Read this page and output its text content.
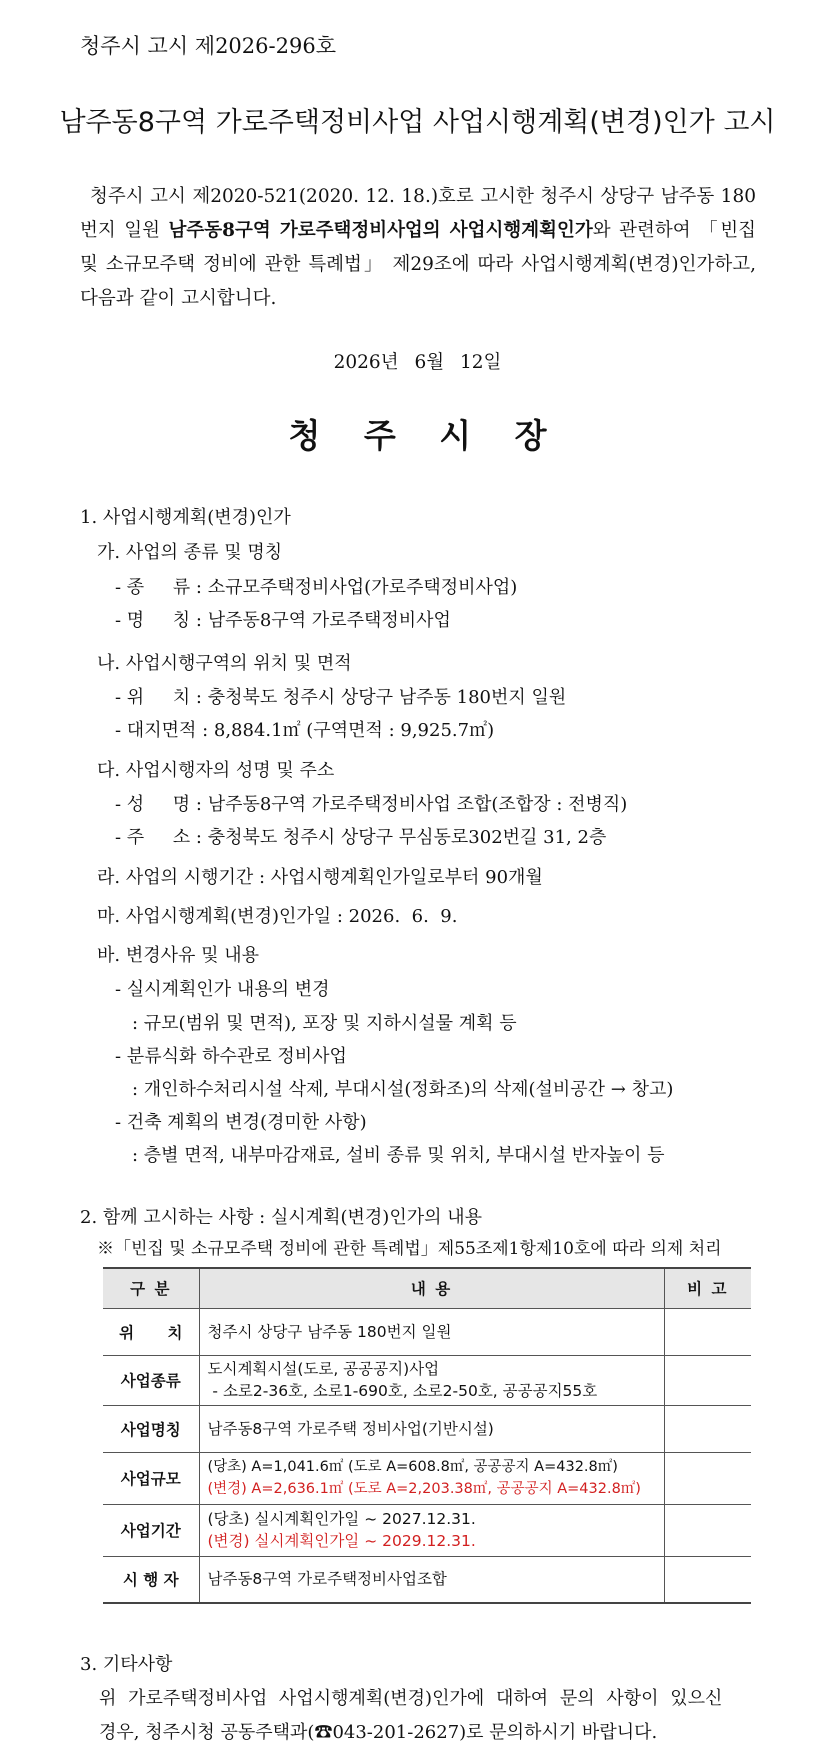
청주시 고시 제2026-296호
남주동8구역 가로주택정비사업 사업시행계획(변경)인가 고시
청주시 고시 제2020-521(2020. 12. 18.)호로 고시한 청주시 상당구 남주동 180번지 일원 남주동8구역 가로주택정비사업의 사업시행계획인가와 관련하여 「빈집 및 소규모주택 정비에 관한 특례법」 제29조에 따라 사업시행계획(변경)인가하고, 다음과 같이 고시합니다.
2026년 6월 12일
청 주 시 장
1. 사업시행계획(변경)인가
가. 사업의 종류 및 명칭
- 종     류 : 소규모주택정비사업(가로주택정비사업)
- 명     칭 : 남주동8구역 가로주택정비사업
나. 사업시행구역의 위치 및 면적
- 위     치 : 충청북도 청주시 상당구 남주동 180번지 일원
- 대지면적 : 8,884.1㎡ (구역면적 : 9,925.7㎡)
다. 사업시행자의 성명 및 주소
- 성     명 : 남주동8구역 가로주택정비사업 조합(조합장 : 전병직)
- 주     소 : 충청북도 청주시 상당구 무심동로302번길 31, 2층
라. 사업의 시행기간 : 사업시행계획인가일로부터 90개월
마. 사업시행계획(변경)인가일 : 2026.  6.  9.
바. 변경사유 및 내용
- 실시계획인가 내용의 변경
: 규모(범위 및 면적), 포장 및 지하시설물 계획 등
- 분류식화 하수관로 정비사업
: 개인하수처리시설 삭제, 부대시설(정화조)의 삭제(설비공간 → 창고)
- 건축 계획의 변경(경미한 사항)
: 층별 면적, 내부마감재료, 설비 종류 및 위치, 부대시설 반자높이 등
2. 함께 고시하는 사항 : 실시계획(변경)인가의 내용
※「빈집 및 소규모주택 정비에 관한 특례법」제55조제1항제10호에 따라 의제 처리
구 분	내 용	비 고
위 치	청주시 상당구 남주동 180번지 일원	

사업종류	도시계획시설(도로, 공공공지)사업
- 소로2-36호, 소로1-690호, 소로2-50호, 공공공지55호	

사업명칭	남주동8구역 가로주택 정비사업(기반시설)	

사업규모	(당초) A=1,041.6㎡ (도로 A=608.8㎡, 공공공지 A=432.8㎡)
(변경) A=2,636.1㎡ (도로 A=2,203.38㎡, 공공공지 A=432.8㎡)	

사업기간	(당초) 실시계획인가일 ~ 2027.12.31.
(변경) 실시계획인가일 ~ 2029.12.31.	

시 행 자	남주동8구역 가로주택정비사업조합	

3. 기타사항
위 가로주택정비사업 사업시행계획(변경)인가에 대하여 문의 사항이 있으신
경우, 청주시청 공동주택과(☎043-201-2627)로 문의하시기 바랍니다.
